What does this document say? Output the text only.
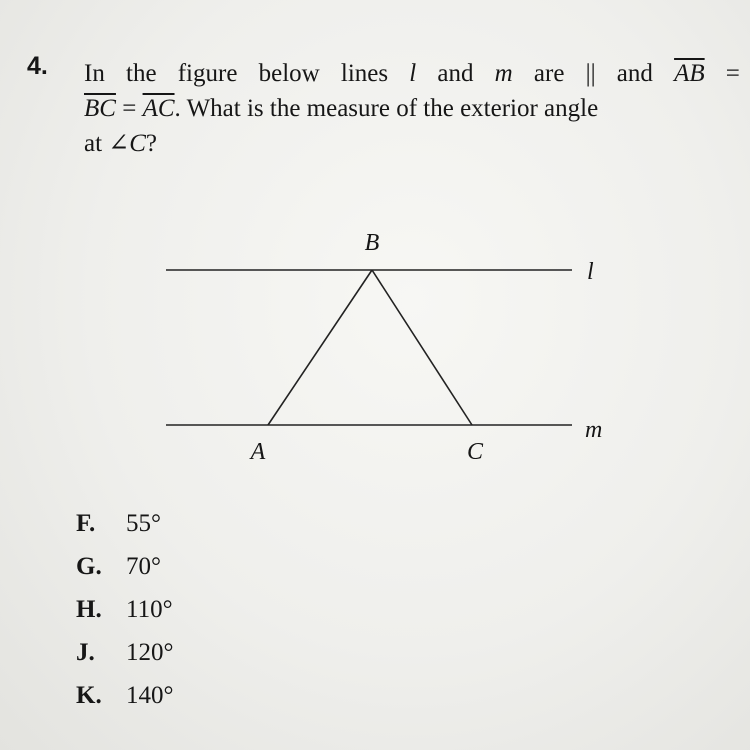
4. In the figure below lines l and m are || and $\overline{AB}$ =
$\overline{BC} = \overline{AC}$. What is the measure of the exterior angle
at ∠C?
B
A	C
l
m
F.	55°
G. 70°
H. 110°
J.	120°
K. 140°
